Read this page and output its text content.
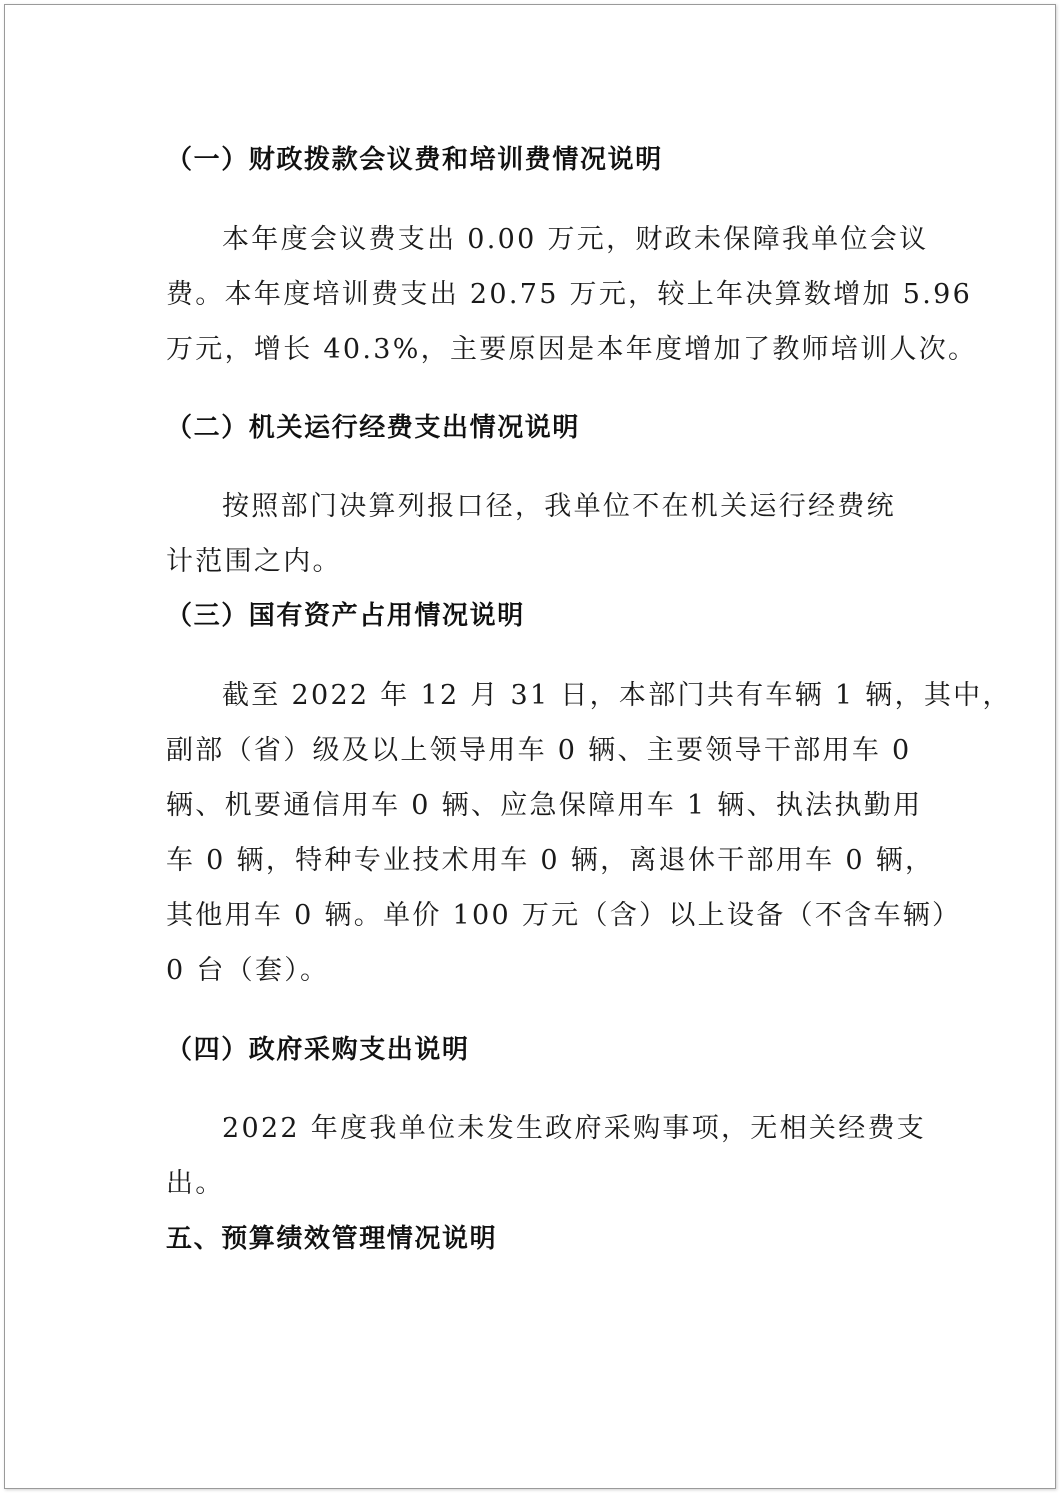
（一）财政拨款会议费和培训费情况说明
本年度会议费支出 0.00 万元，财政未保障我单位会议
费。本年度培训费支出 20.75 万元，较上年决算数增加 5.96
万元，增长 40.3%，主要原因是本年度增加了教师培训人次。
（二）机关运行经费支出情况说明
按照部门决算列报口径，我单位不在机关运行经费统
计范围之内。
（三）国有资产占用情况说明
截至 2022 年 12 月 31 日，本部门共有车辆 1 辆，其中，
副部（省）级及以上领导用车 0 辆、主要领导干部用车 0
辆、机要通信用车 0 辆、应急保障用车 1 辆、执法执勤用
车 0 辆，特种专业技术用车 0 辆，离退休干部用车 0 辆，
其他用车 0 辆。单价 100 万元（含）以上设备（不含车辆）
0 台（套）。
（四）政府采购支出说明
2022 年度我单位未发生政府采购事项，无相关经费支
出。
五、预算绩效管理情况说明
